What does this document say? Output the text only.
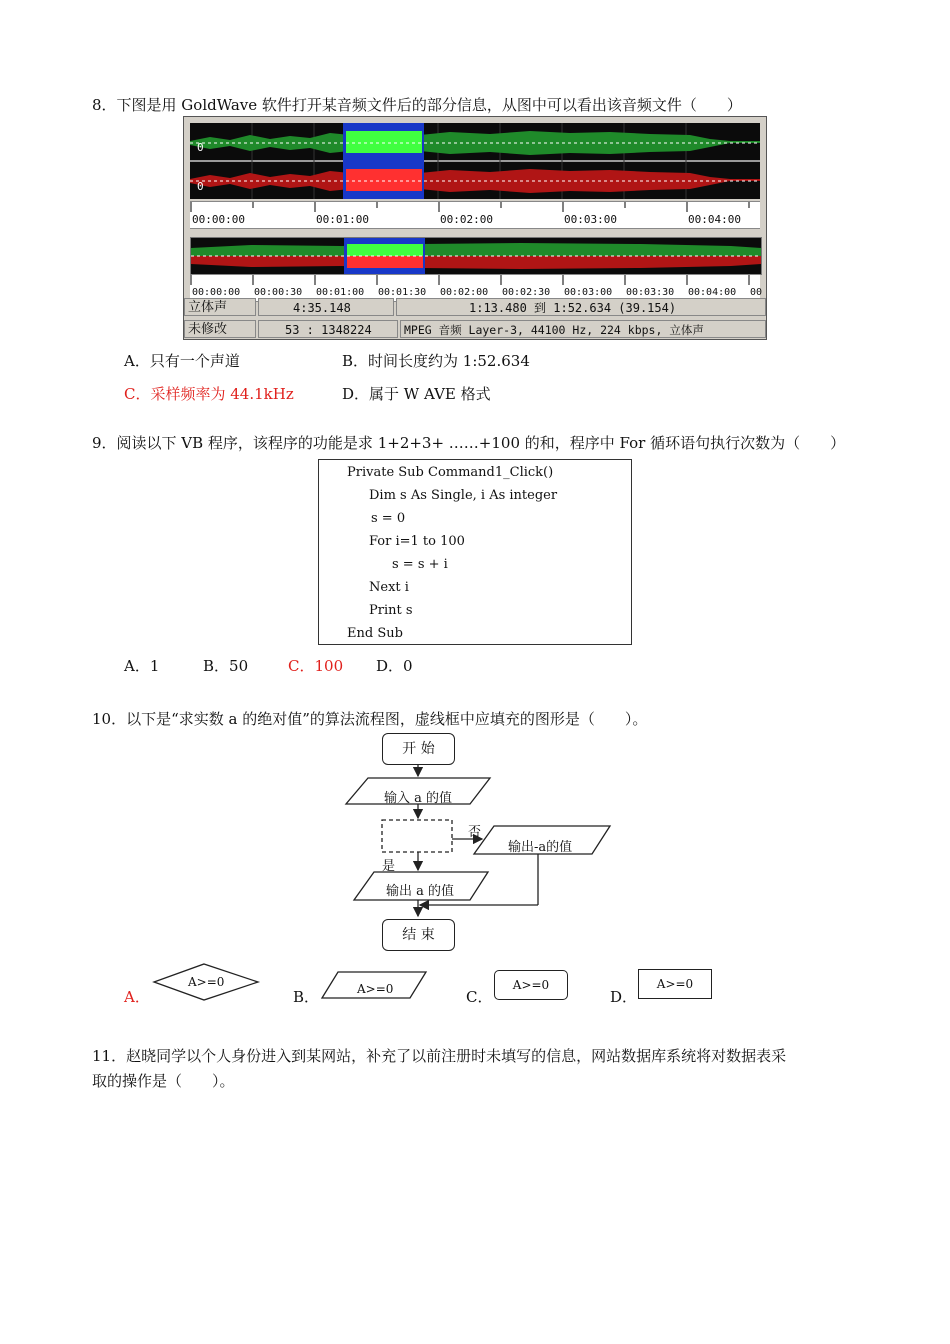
8．下图是用 GoldWave 软件打开某音频文件后的部分信息，从图中可以看出该音频文件（　　）
0
0
00:00:00	00:01:00	00:02:00	00:03:00	00:04:00
00:00:00 00:00:30 00:01:00 00:01:30 00:02:00 00:02:30 00:03:00 00:03:30 00:04:00 00
立体声	4:35.148	1:13.480 到 1:52.634 (39.154)
未修改	53 : 1348224	MPEG 音频 Layer-3, 44100 Hz, 224 kbps, 立体声
A．只有一个声道	B．时间长度约为 1:52.634
C．采样频率为 44.1kHz	D．属于 W AVE 格式
9．阅读以下 VB 程序，该程序的功能是求 1+2+3+ ……+100 的和，程序中 For 循环语句执行次数为（　　）
Private Sub Command1_Click()
Dim s As Single, i As integer
s = 0
For i=1 to 100
s = s + i
Next i
Print s
End Sub
A．1	B．50	C．100 D．0
10．以下是“求实数 a 的绝对值”的算法流程图，虚线框中应填充的图形是（　　）。
开 始
输入 a 的值
否
输出-a的值
是
输出 a 的值
结 束
A．
A>=0
B．	A>=0	C．
A>=0
D．
A>=0
11．赵晓同学以个人身份进入到某网站，补充了以前注册时未填写的信息，网站数据库系统将对数据表采
取的操作是（　　）。
